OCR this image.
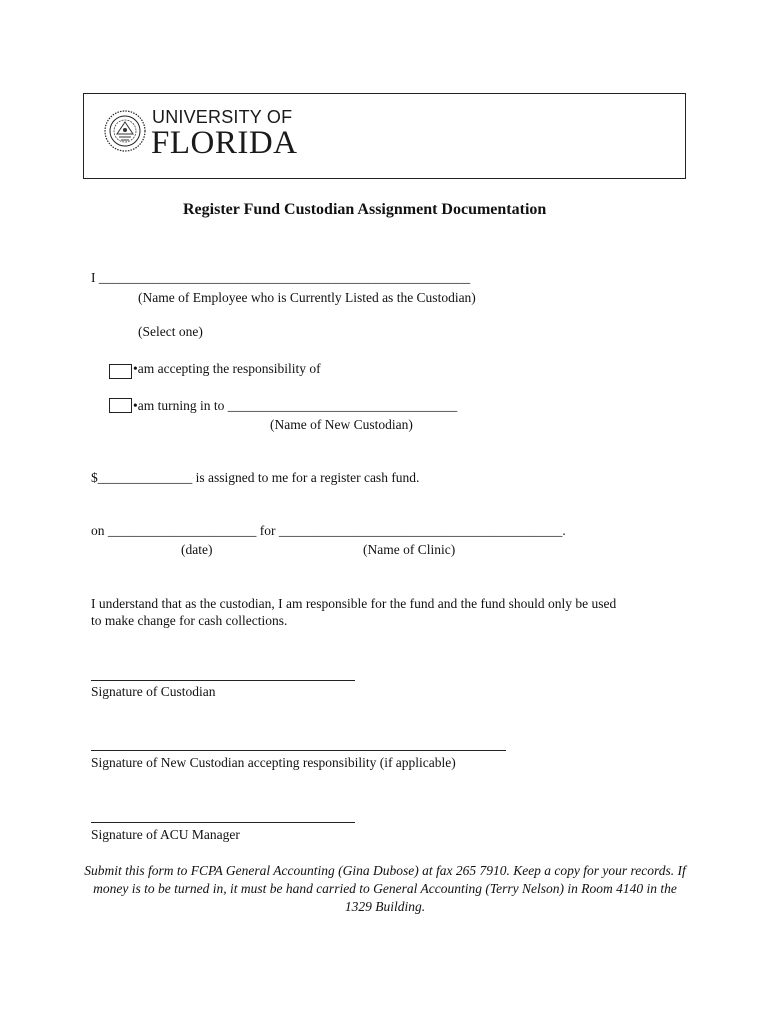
UNIVERSITY OF
FLORIDA
Register Fund Custodian Assignment Documentation
I _______________________________________________________
(Name of Employee who is Currently Listed as the Custodian)
(Select one)
•am accepting the responsibility of
•am turning in to __________________________________
(Name of New Custodian)
$______________ is assigned to me for a register cash fund.
on ______________________ for __________________________________________.
(date)	(Name of Clinic)
I understand that as the custodian, I am responsible for the fund and the fund should only be used
to make change for cash collections.
Signature of Custodian
Signature of New Custodian accepting responsibility (if applicable)
Signature of ACU Manager
Submit this form to FCPA General Accounting (Gina Dubose) at fax 265 7910. Keep a copy for your records. If money is to be turned in, it must be hand carried to General Accounting (Terry Nelson) in Room 4140 in the 1329 Building.
